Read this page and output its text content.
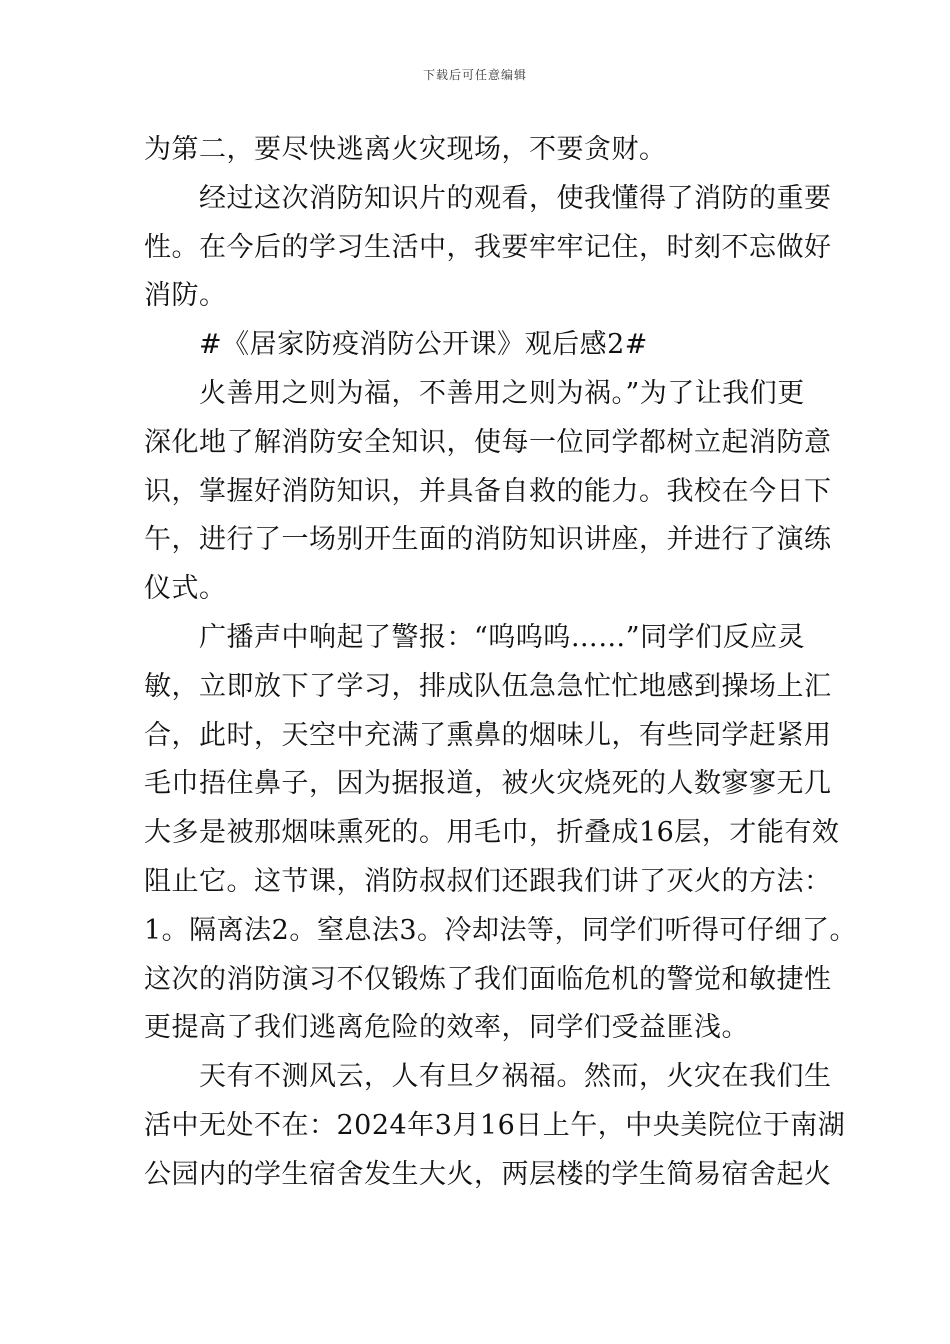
下载后可任意编辑
为第二，要尽快逃离火灾现场，不要贪财。
经过这次消防知识片的观看，使我懂得了消防的重要
性。在今后的学习生活中，我要牢牢记住，时刻不忘做好
消防。
#《居家防疫消防公开课》观后感2#
火善用之则为福，不善用之则为祸。”为了让我们更
深化地了解消防安全知识，使每一位同学都树立起消防意
识，掌握好消防知识，并具备自救的能力。我校在今日下
午，进行了一场别开生面的消防知识讲座，并进行了演练
仪式。
广播声中响起了警报：“呜呜呜……”同学们反应灵
敏，立即放下了学习，排成队伍急急忙忙地感到操场上汇
合，此时，天空中充满了熏鼻的烟味儿，有些同学赶紧用
毛巾捂住鼻子，因为据报道，被火灾烧死的人数寥寥无几
大多是被那烟味熏死的。用毛巾，折叠成16层，才能有效
阻止它。这节课，消防叔叔们还跟我们讲了灭火的方法：
1。隔离法2。窒息法3。冷却法等，同学们听得可仔细了。
这次的消防演习不仅锻炼了我们面临危机的警觉和敏捷性
更提高了我们逃离危险的效率，同学们受益匪浅。
天有不测风云，人有旦夕祸福。然而，火灾在我们生
活中无处不在：2024年3月16日上午，中央美院位于南湖
公园内的学生宿舍发生大火，两层楼的学生简易宿舍起火
